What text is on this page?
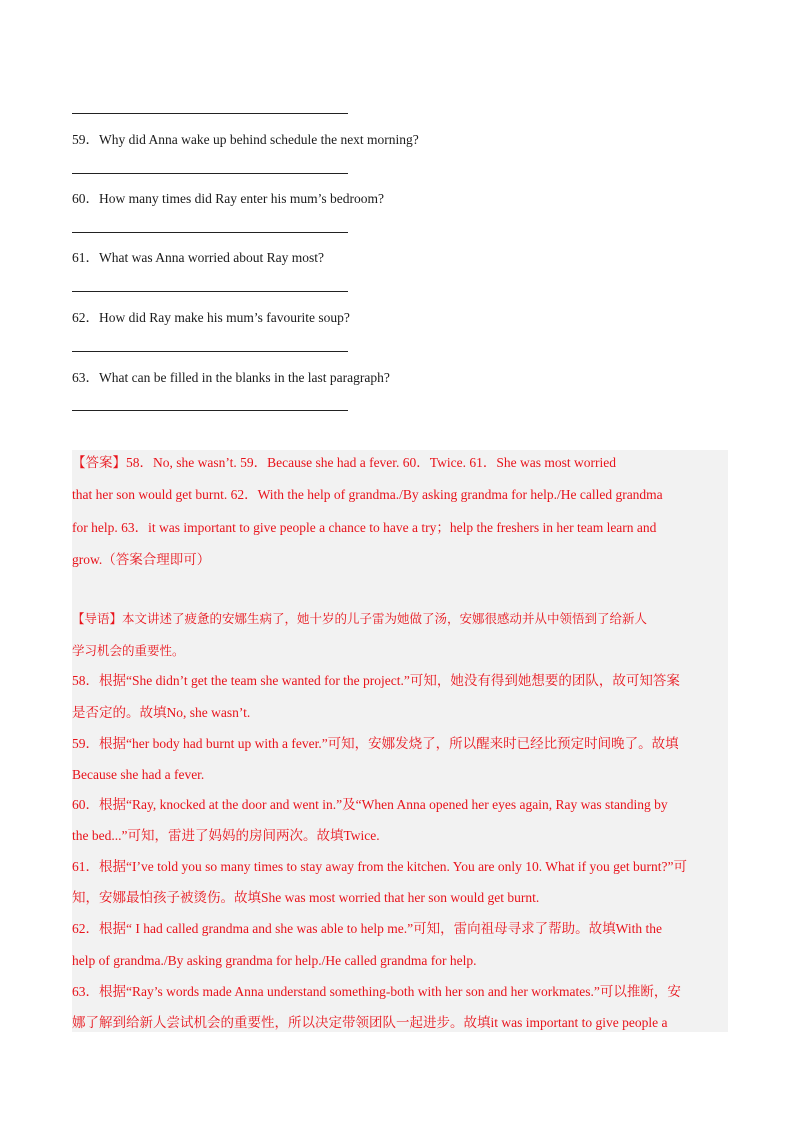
59．Why did Anna wake up behind schedule the next morning?
60．How many times did Ray enter his mum’s bedroom?
61．What was Anna worried about Ray most?
62．How did Ray make his mum’s favourite soup?
63．What can be filled in the blanks in the last paragraph?
【答案】58．No, she wasn’t. 59．Because she had a fever. 60．Twice. 61．She was most worried
that her son would get burnt. 62．With the help of grandma./By asking grandma for help./He called grandma
for help. 63．it was important to give people a chance to have a try；help the freshers in her team learn and
grow.（答案合理即可）
【导语】本文讲述了疲惫的安娜生病了，她十岁的儿子雷为她做了汤，安娜很感动并从中领悟到了给新人
学习机会的重要性。
58．根据“She didn’t get the team she wanted for the project.”可知，她没有得到她想要的团队，故可知答案
是否定的。故填No, she wasn’t.
59．根据“her body had burnt up with a fever.”可知，安娜发烧了，所以醒来时已经比预定时间晚了。故填
Because she had a fever.
60．根据“Ray, knocked at the door and went in.”及“When Anna opened her eyes again, Ray was standing by
the bed...”可知，雷进了妈妈的房间两次。故填Twice.
61．根据“I’ve told you so many times to stay away from the kitchen. You are only 10. What if you get burnt?”可
知，安娜最怕孩子被烫伤。故填She was most worried that her son would get burnt.
62．根据“ I had called grandma and she was able to help me.”可知，雷向祖母寻求了帮助。故填With the
help of grandma./By asking grandma for help./He called grandma for help.
63．根据“Ray’s words made Anna understand something-both with her son and her workmates.”可以推断，安
娜了解到给新人尝试机会的重要性，所以决定带领团队一起进步。故填it was important to give people a
